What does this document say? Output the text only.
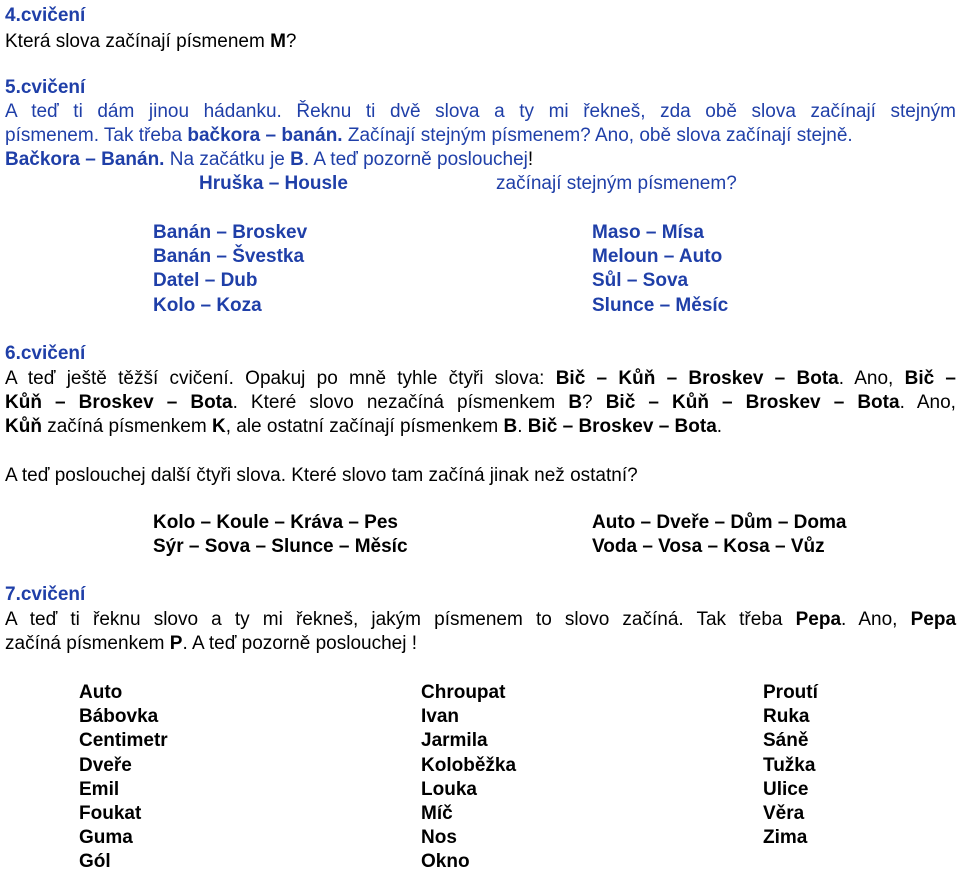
4.cvičení
Která slova začínají písmenem M?
5.cvičení
A teď ti dám jinou hádanku. Řeknu ti dvě slova a ty mi řekneš, zda obě slova začínají stejným
písmenem. Tak třeba bačkora – banán. Začínají stejným písmenem? Ano, obě slova začínají stejně.
Bačkora – Banán. Na začátku je B. A teď pozorně poslouchej!
Hruška – Housle	začínají stejným písmenem?
Banán – Broskev
Banán – Švestka
Datel – Dub
Kolo – Koza
Maso – Mísa
Meloun – Auto
Sůl – Sova
Slunce – Měsíc
6.cvičení
A teď ještě těžší cvičení. Opakuj po mně tyhle čtyři slova: Bič – Kůň – Broskev – Bota. Ano, Bič –
Kůň – Broskev – Bota. Které slovo nezačíná písmenkem B? Bič – Kůň – Broskev – Bota. Ano,
Kůň začíná písmenkem K, ale ostatní začínají písmenkem B. Bič – Broskev – Bota.
A teď poslouchej další čtyři slova. Které slovo tam začíná jinak než ostatní?
Kolo – Koule – Kráva – Pes
Sýr – Sova – Slunce – Měsíc
Auto – Dveře – Dům – Doma
Voda – Vosa – Kosa – Vůz
7.cvičení
A teď ti řeknu slovo a ty mi řekneš, jakým písmenem to slovo začíná. Tak třeba Pepa. Ano, Pepa
začíná písmenkem P. A teď pozorně poslouchej !
Auto
Bábovka
Centimetr
Dveře
Emil
Foukat
Guma
Gól
Chroupat
Ivan
Jarmila
Koloběžka
Louka
Míč
Nos
Okno
Proutí
Ruka
Sáně
Tužka
Ulice
Věra
Zima
